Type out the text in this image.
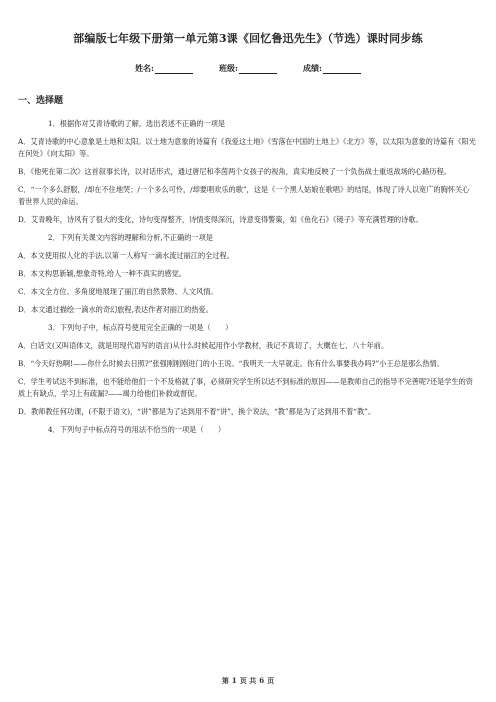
部编版七年级下册第一单元第3课《回忆鲁迅先生》（节选）课时同步练
姓名:	班级:	成绩:
一、选择题

1．根据你对艾青诗歌的了解，选出表述不正确的一项是

A．艾青诗歌的中心意象是土地和太阳。以土地为意象的诗篇有《我爱这土地》《雪落在中国的土地上》《北方》等，以太阳为意象的诗篇有《阳光在何处》《向太阳》等。

B．《他死在第二次》这首叙事长诗，以对话形式，通过唐尼和李茵两个女孩子的视角，真实地反映了一个负伤战士重返战场的心路历程。

C．“一个多么舒服，/却在不住地哭；/一个多么可怜，/却要唱欢乐的歌”，这是《一个黑人姑娘在歌唱》的结尾，体现了诗人以宽广的胸怀关心着世界人民的命运。

D．艾青晚年，诗风有了很大的变化，诗句变得整齐，诗情变得深沉，诗意变得警策，如《鱼化石》《镜子》等充满哲理的诗歌。

2．下列有关课文内容的理解和分析,不正确的一项是

A．本文使用拟人化的手法,以第一人称写一滴水流过丽江的全过程。

B．本文构思新颖,想象奇特,给人一种不真实的感觉。

C．本文全方位、多角度地展现了丽江的自然景物、人文风情。

D．本文通过描绘一滴水的奇幻旅程,表达作者对丽江的热爱。

3．下列句子中，标点符号使用完全正确的一项是（　　）

A．白话文(又叫语体文，就是用现代语写的语言)从什么时候起用作小学教材，我记不真切了，大概在七、八十年前。

B．“今天好热啊!——你什么时候去日照?”张强刚刚刚进门的小王说。“我明天一大早就走。你有什么事要我办吗?”小王总是那么热情。

C．学生考试达不到标准，也不能给他们一个不及格就了事，必须研究学生所以达不到标准的原因——是教师自己的指导不完善呢?还是学生的资质上有缺点，学习上有疏漏?——竭力给他们补救或督促。

D．教师教任何功课，(不限于语文)，“讲”都是为了达到用不着“讲”，换个说法，“教”都是为了达到用不着“教”。

4．下列句子中标点符号的用法不恰当的一项是（　　）

第 1 页 共 6 页
